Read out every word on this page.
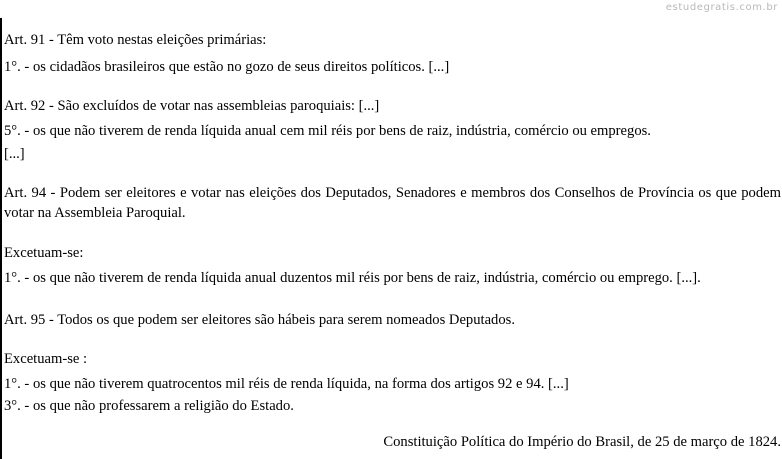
estudegratis.com.br
Art. 91 - Têm voto nestas eleições primárias:
1°. - os cidadãos brasileiros que estão no gozo de seus direitos políticos. [...]
Art. 92 - São excluídos de votar nas assembleias paroquiais: [...]
5°. - os que não tiverem de renda líquida anual cem mil réis por bens de raiz, indústria, comércio ou empregos.
[...]
Art. 94 - Podem ser eleitores e votar nas eleições dos Deputados, Senadores e membros dos Conselhos de Província os que podem votar na Assembleia Paroquial.
Excetuam-se:
1°. - os que não tiverem de renda líquida anual duzentos mil réis por bens de raiz, indústria, comércio ou emprego. [...].
Art. 95 - Todos os que podem ser eleitores são hábeis para serem nomeados Deputados.
Excetuam-se :
1°. - os que não tiverem quatrocentos mil réis de renda líquida, na forma dos artigos 92 e 94. [...]
3°. - os que não professarem a religião do Estado.
Constituição Política do Império do Brasil, de 25 de março de 1824.
